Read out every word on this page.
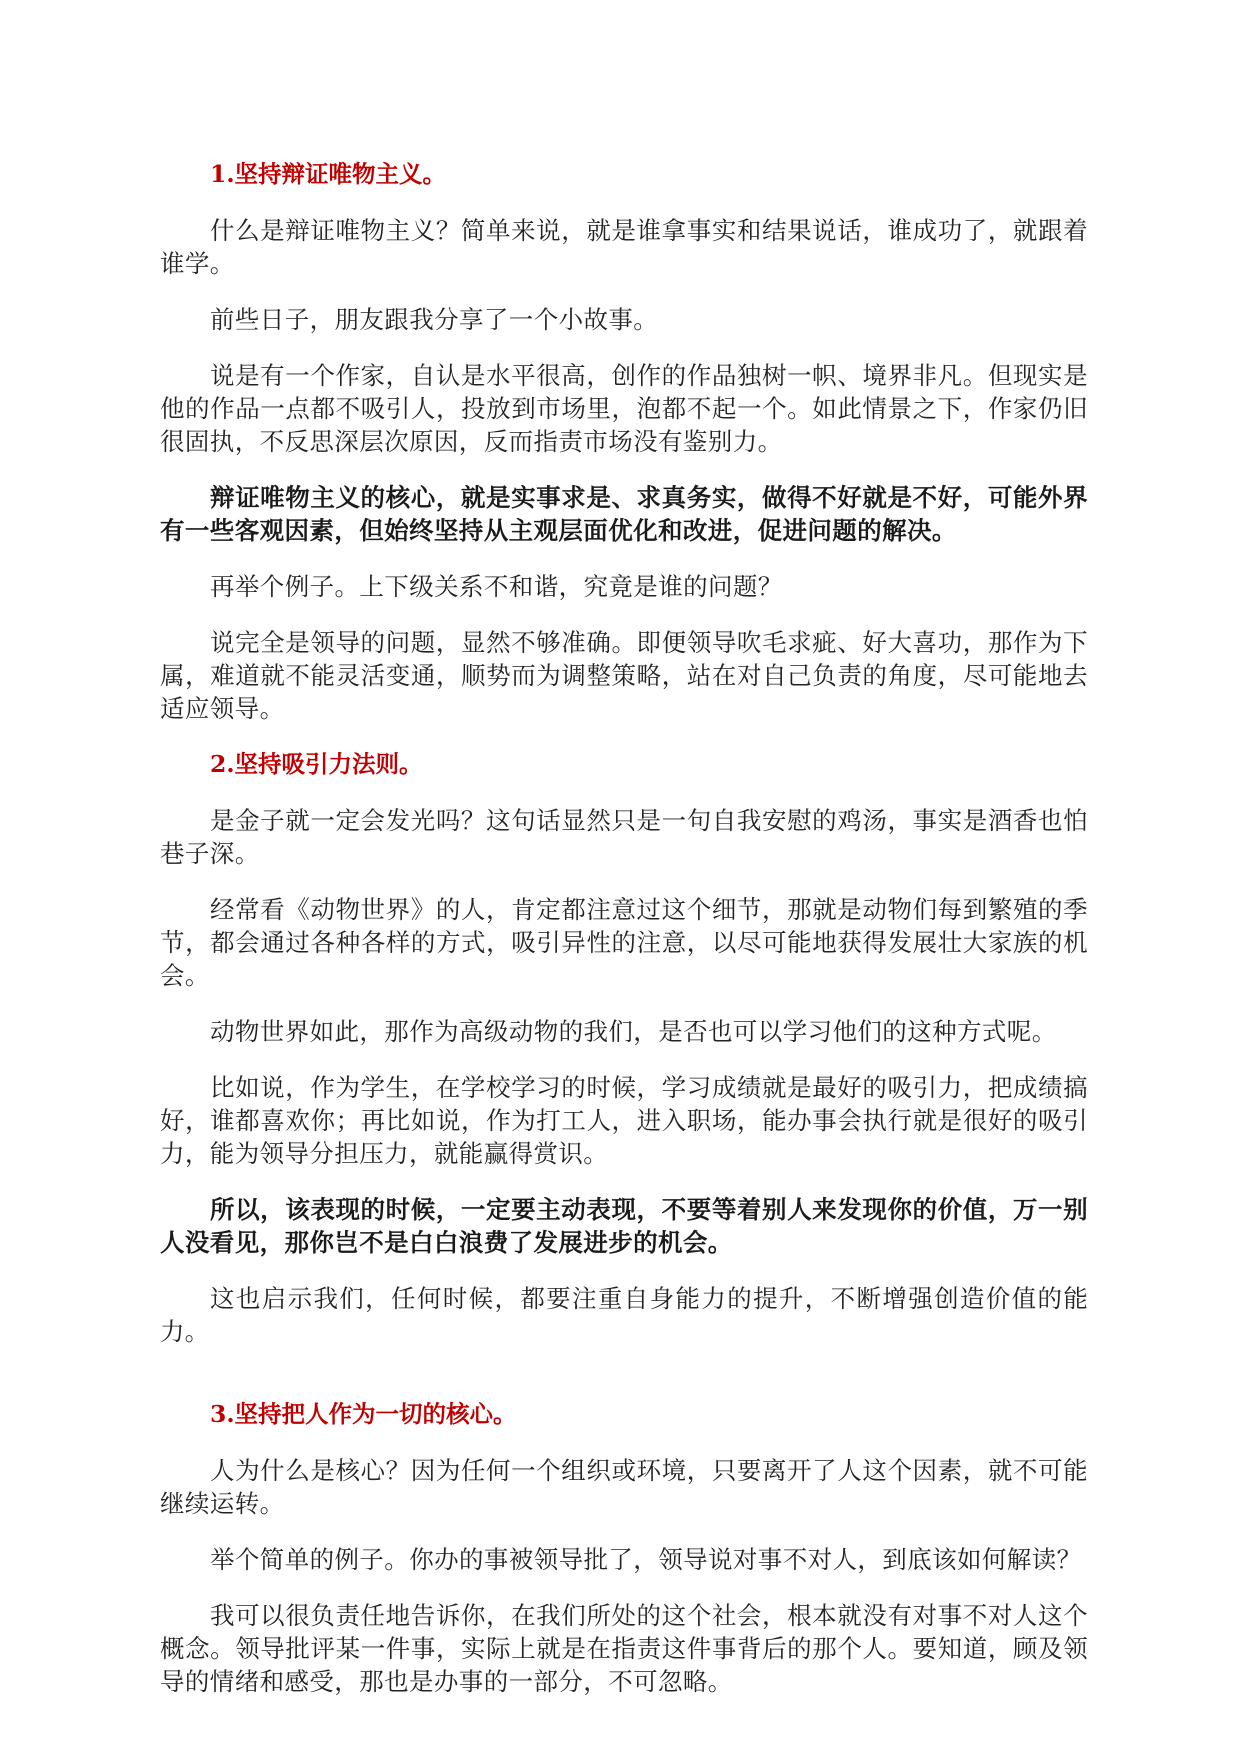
1.坚持辩证唯物主义。

什么是辩证唯物主义？简单来说，就是谁拿事实和结果说话，谁成功了，就跟着谁学。

前些日子，朋友跟我分享了一个小故事。

说是有一个作家，自认是水平很高，创作的作品独树一帜、境界非凡。但现实是他的作品一点都不吸引人，投放到市场里，泡都不起一个。如此情景之下，作家仍旧很固执，不反思深层次原因，反而指责市场没有鉴别力。

辩证唯物主义的核心，就是实事求是、求真务实，做得不好就是不好，可能外界有一些客观因素，但始终坚持从主观层面优化和改进，促进问题的解决。

再举个例子。上下级关系不和谐，究竟是谁的问题？

说完全是领导的问题，显然不够准确。即便领导吹毛求疵、好大喜功，那作为下属，难道就不能灵活变通，顺势而为调整策略，站在对自己负责的角度，尽可能地去适应领导。

2.坚持吸引力法则。

是金子就一定会发光吗？这句话显然只是一句自我安慰的鸡汤，事实是酒香也怕巷子深。

经常看《动物世界》的人，肯定都注意过这个细节，那就是动物们每到繁殖的季节，都会通过各种各样的方式，吸引异性的注意，以尽可能地获得发展壮大家族的机会。

动物世界如此，那作为高级动物的我们，是否也可以学习他们的这种方式呢。

比如说，作为学生，在学校学习的时候，学习成绩就是最好的吸引力，把成绩搞好，谁都喜欢你；再比如说，作为打工人，进入职场，能办事会执行就是很好的吸引力，能为领导分担压力，就能赢得赏识。

所以，该表现的时候，一定要主动表现，不要等着别人来发现你的价值，万一别人没看见，那你岂不是白白浪费了发展进步的机会。

这也启示我们，任何时候，都要注重自身能力的提升，不断增强创造价值的能力。

3.坚持把人作为一切的核心。

人为什么是核心？因为任何一个组织或环境，只要离开了人这个因素，就不可能继续运转。

举个简单的例子。你办的事被领导批了，领导说对事不对人，到底该如何解读？

我可以很负责任地告诉你，在我们所处的这个社会，根本就没有对事不对人这个概念。领导批评某一件事，实际上就是在指责这件事背后的那个人。要知道，顾及领导的情绪和感受，那也是办事的一部分，不可忽略。
